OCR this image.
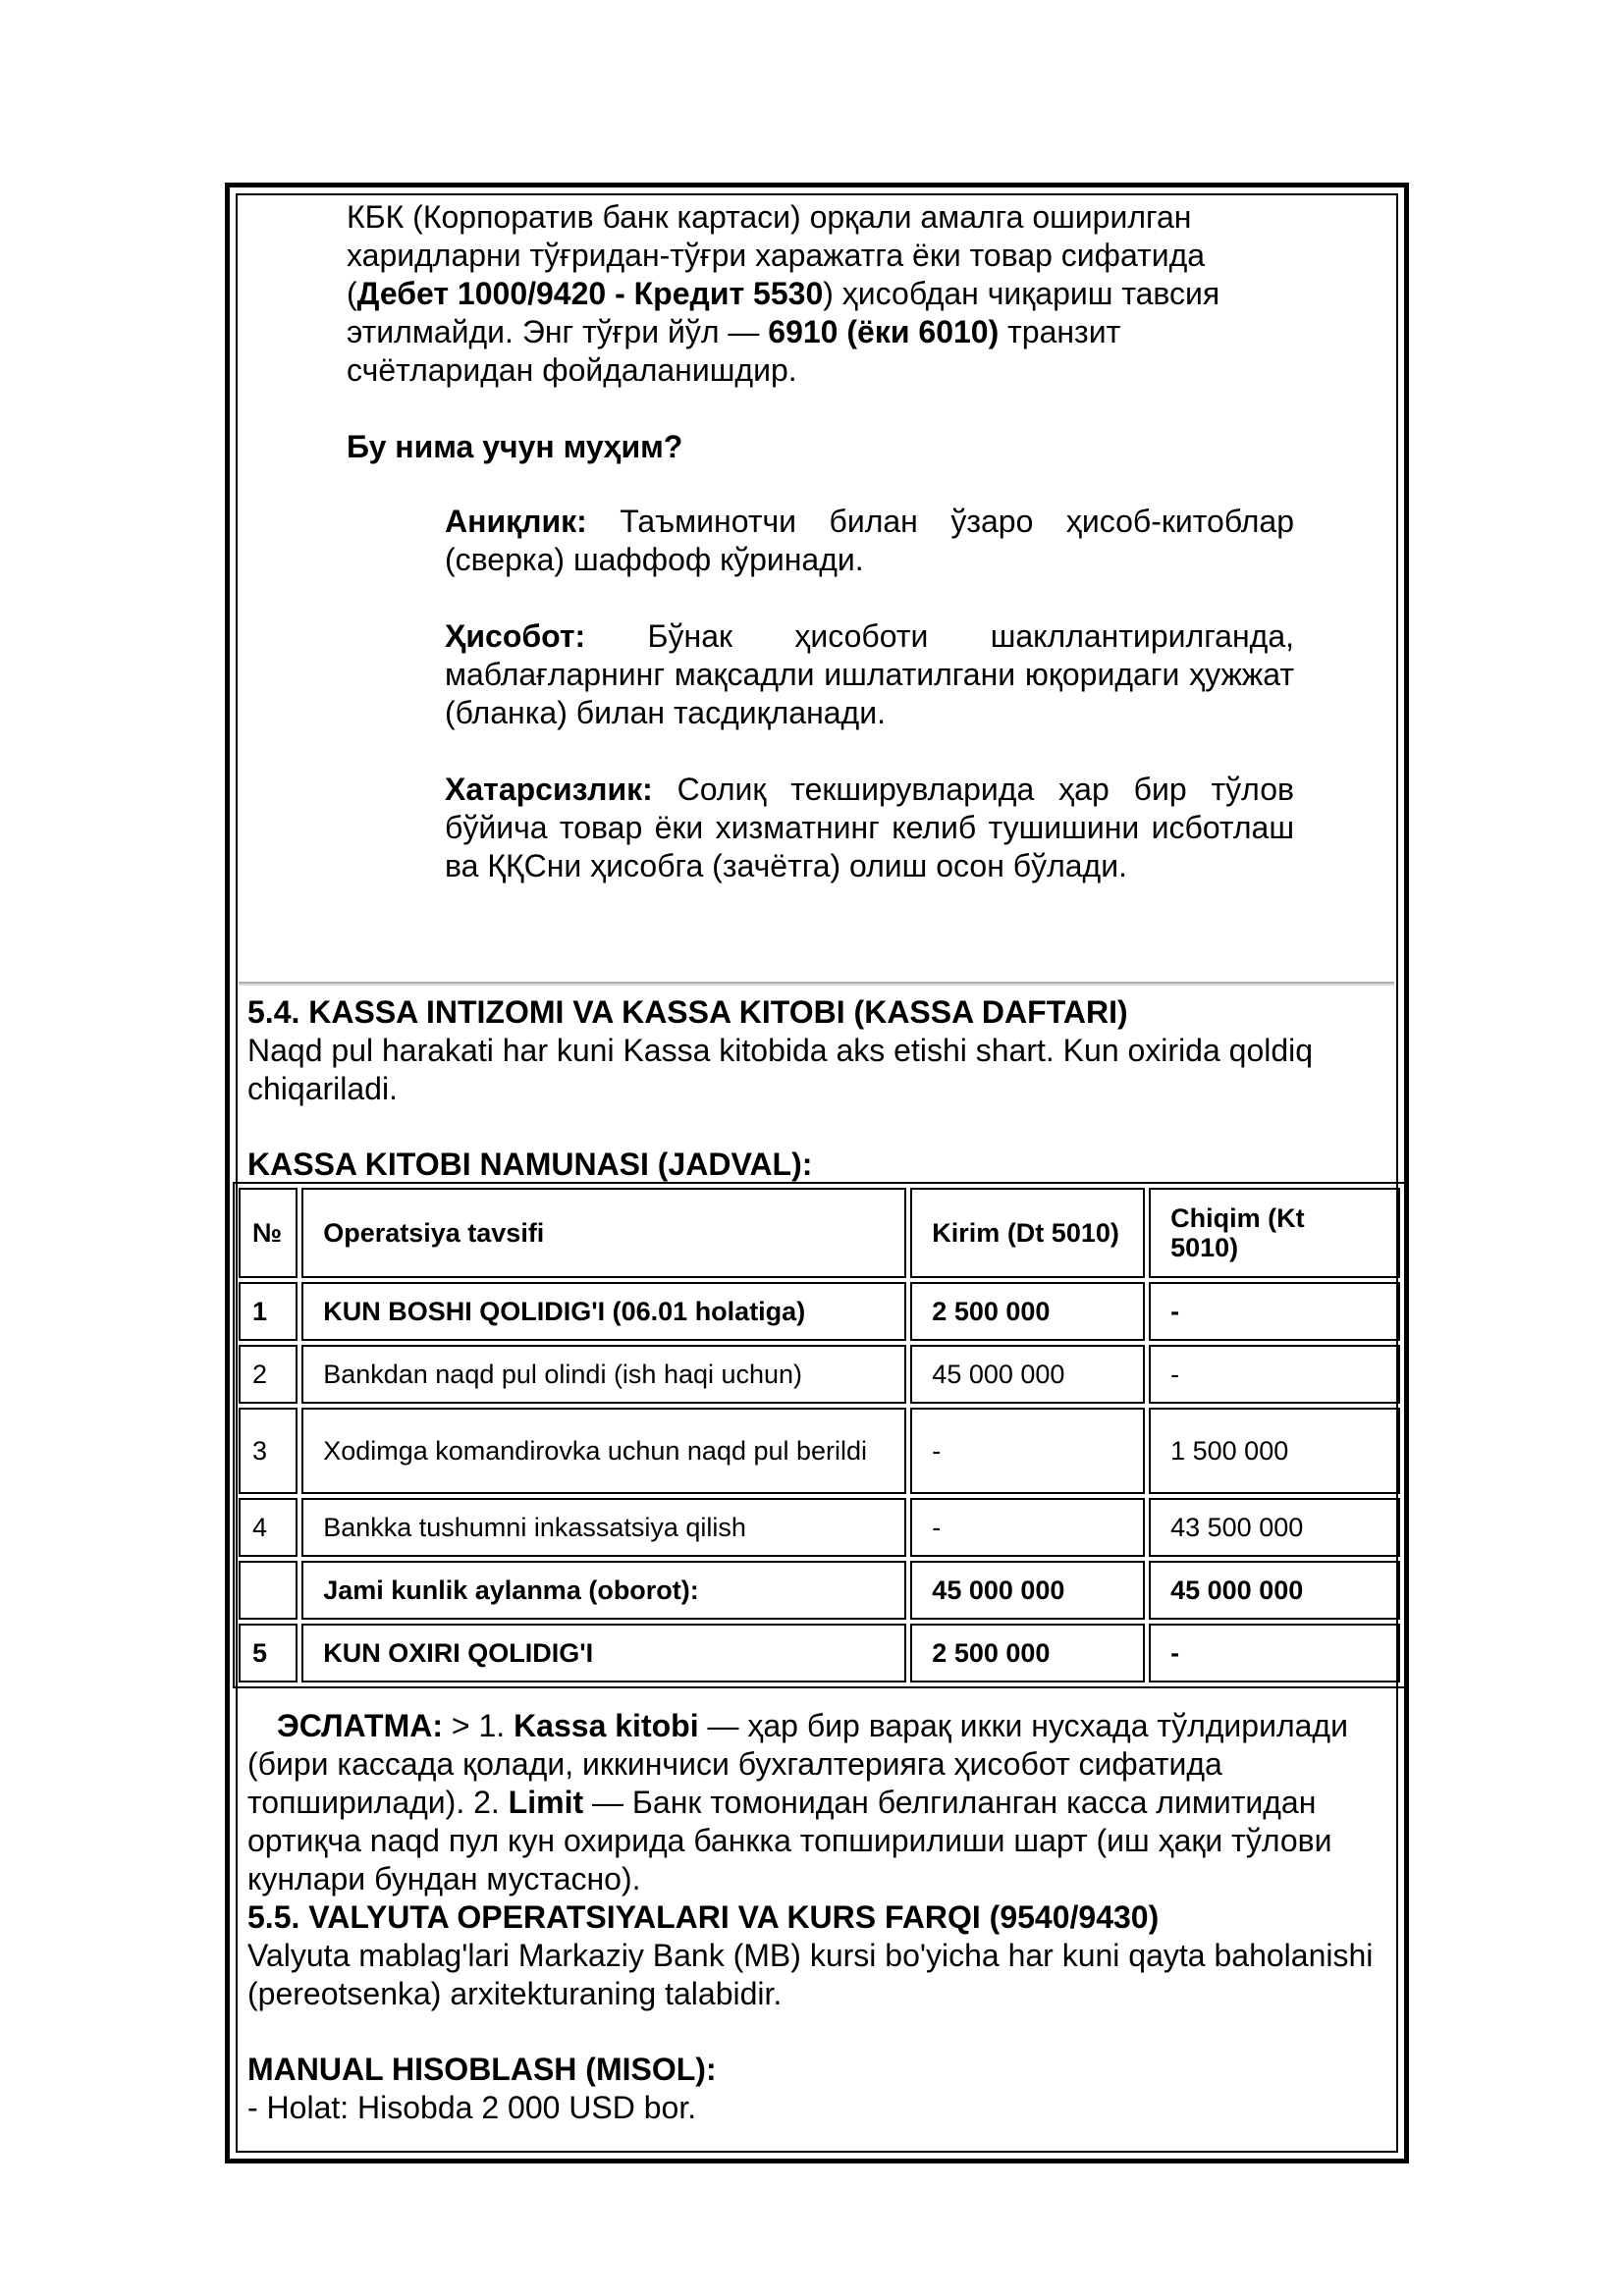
КБК (Корпоратив банк картаси) орқали амалга оширилган
харидларни тўғридан-тўғри харажатга ёки товар сифатида
(Дебет 1000/9420 - Кредит 5530) ҳисобдан чиқариш тавсия
этилмайди. Энг тўғри йўл — 6910 (ёки 6010) транзит
счётларидан фойдаланишдир.
Бу нима учун муҳим?
Аниқлик: Таъминотчи билан ўзаро ҳисоб-китоблар (сверка) шаффоф кўринади.
Ҳисобот: Бўнак ҳисоботи шакллантирилганда, маблағларнинг мақсадли ишлатилгани юқоридаги ҳужжат (бланка) билан тасдиқланади.
Хатарсизлик: Солиқ текширувларида ҳар бир тўлов бўйича товар ёки хизматнинг келиб тушишини исботлаш ва ҚҚСни ҳисобга (зачётга) олиш осон бўлади.
5.4. KASSA INTIZOMI VA KASSA KITOBI (KASSA DAFTARI)
Naqd pul harakati har kuni Kassa kitobida aks etishi shart. Kun oxirida qoldiq chiqariladi.
KASSA KITOBI NAMUNASI (JADVAL):
№	Operatsiya tavsifi	Kirim (Dt 5010)	Chiqim (Kt 5010)
1	KUN BOSHI QOLIDIG'I (06.01 holatiga)	2 500 000	-
2	Bankdan naqd pul olindi (ish haqi uchun)	45 000 000	-
3	Xodimga komandirovka uchun naqd pul berildi	-	1 500 000
4	Bankka tushumni inkassatsiya qilish	-	43 500 000
	Jami kunlik aylanma (oborot):	45 000 000	45 000 000
5	KUN OXIRI QOLIDIG'I	2 500 000	-
ЭСЛАТМА: > 1. Kassa kitobi — ҳар бир варақ икки нусхада тўлдирилади (бири кассада қолади, иккинчиси бухгалтерияга ҳисобот сифатида топширилади). 2. Limit — Банк томонидан белгиланган касса лимитидан ортиқча naqd пул кун охирида банкка топширилиши шарт (иш ҳақи тўлови кунлари бундан мустасно).
5.5. VALYUTA OPERATSIYALARI VA KURS FARQI (9540/9430)
Valyuta mablag'lari Markaziy Bank (MB) kursi bo'yicha har kuni qayta baholanishi (pereotsenka) arxitekturaning talabidir.
MANUAL HISOBLASH (MISOL):
- Holat: Hisobda 2 000 USD bor.
